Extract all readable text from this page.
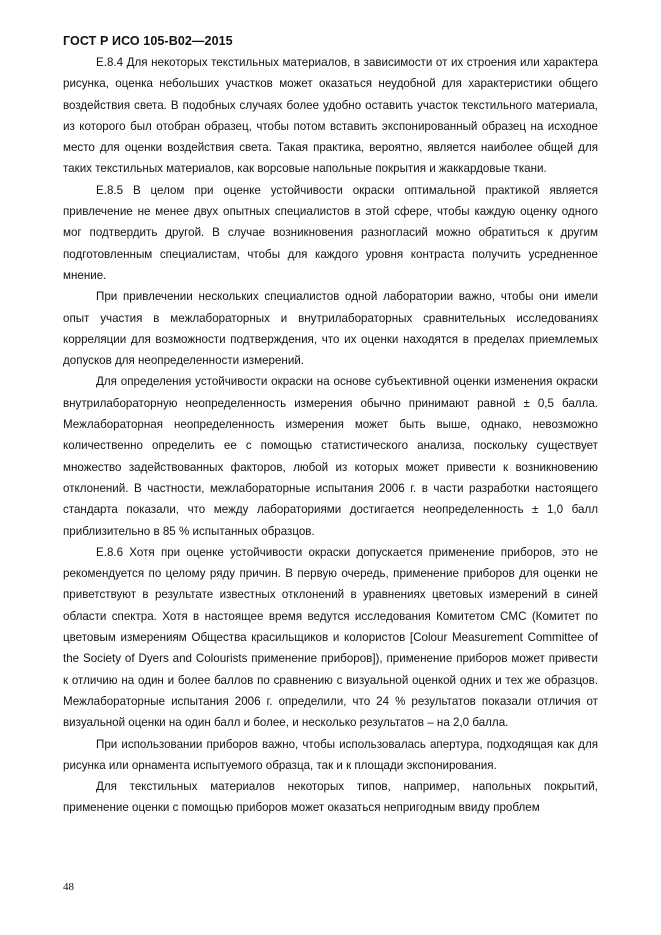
ГОСТ Р ИСО 105-B02—2015

E.8.4 Для некоторых текстильных материалов, в зависимости от их строения или характера рисунка, оценка небольших участков может оказаться неудобной для характеристики общего воздействия света. В подобных случаях более удобно оставить участок текстильного материала, из которого был отобран образец, чтобы потом вставить экспонированный образец на исходное место для оценки воздействия света. Такая практика, вероятно, является наиболее общей для таких текстильных материалов, как ворсовые напольные покрытия и жаккардовые ткани.

E.8.5 В целом при оценке устойчивости окраски оптимальной практикой является привлечение не менее двух опытных специалистов в этой сфере, чтобы каждую оценку одного мог подтвердить другой. В случае возникновения разногласий можно обратиться к другим подготовленным специалистам, чтобы для каждого уровня контраста получить усредненное мнение.

При привлечении нескольких специалистов одной лаборатории важно, чтобы они имели опыт участия в межлабораторных и внутрилабораторных сравнительных исследованиях корреляции для возможности подтверждения, что их оценки находятся в пределах приемлемых допусков для неопределенности измерений.

Для определения устойчивости окраски на основе субъективной оценки изменения окраски внутрилабораторную неопределенность измерения обычно принимают равной ± 0,5 балла. Межлабораторная неопределенность измерения может быть выше, однако, невозможно количественно определить ее с помощью статистического анализа, поскольку существует множество задействованных факторов, любой из которых может привести к возникновению отклонений. В частности, межлабораторные испытания 2006 г. в части разработки настоящего стандарта показали, что между лабораториями достигается неопределенность ± 1,0 балл приблизительно в 85 % испытанных образцов.

E.8.6 Хотя при оценке устойчивости окраски допускается применение приборов, это не рекомендуется по целому ряду причин. В первую очередь, применение приборов для оценки не приветствуют в результате известных отклонений в уравнениях цветовых измерений в синей области спектра. Хотя в настоящее время ведутся исследования Комитетом CMC (Комитет по цветовым измерениям Общества красильщиков и колористов [Colour Measurement Committee of the Society of Dyers and Colourists применение приборов]), применение приборов может привести к отличию на один и более баллов по сравнению с визуальной оценкой одних и тех же образцов. Межлабораторные испытания 2006 г. определили, что 24 % результатов показали отличия от визуальной оценки на один балл и более, и несколько результатов – на 2,0 балла.

При использовании приборов важно, чтобы использовалась апертура, подходящая как для рисунка или орнамента испытуемого образца, так и к площади экспонирования.

Для текстильных материалов некоторых типов, например, напольных покрытий, применение оценки с помощью приборов может оказаться непригодным ввиду проблем

48
